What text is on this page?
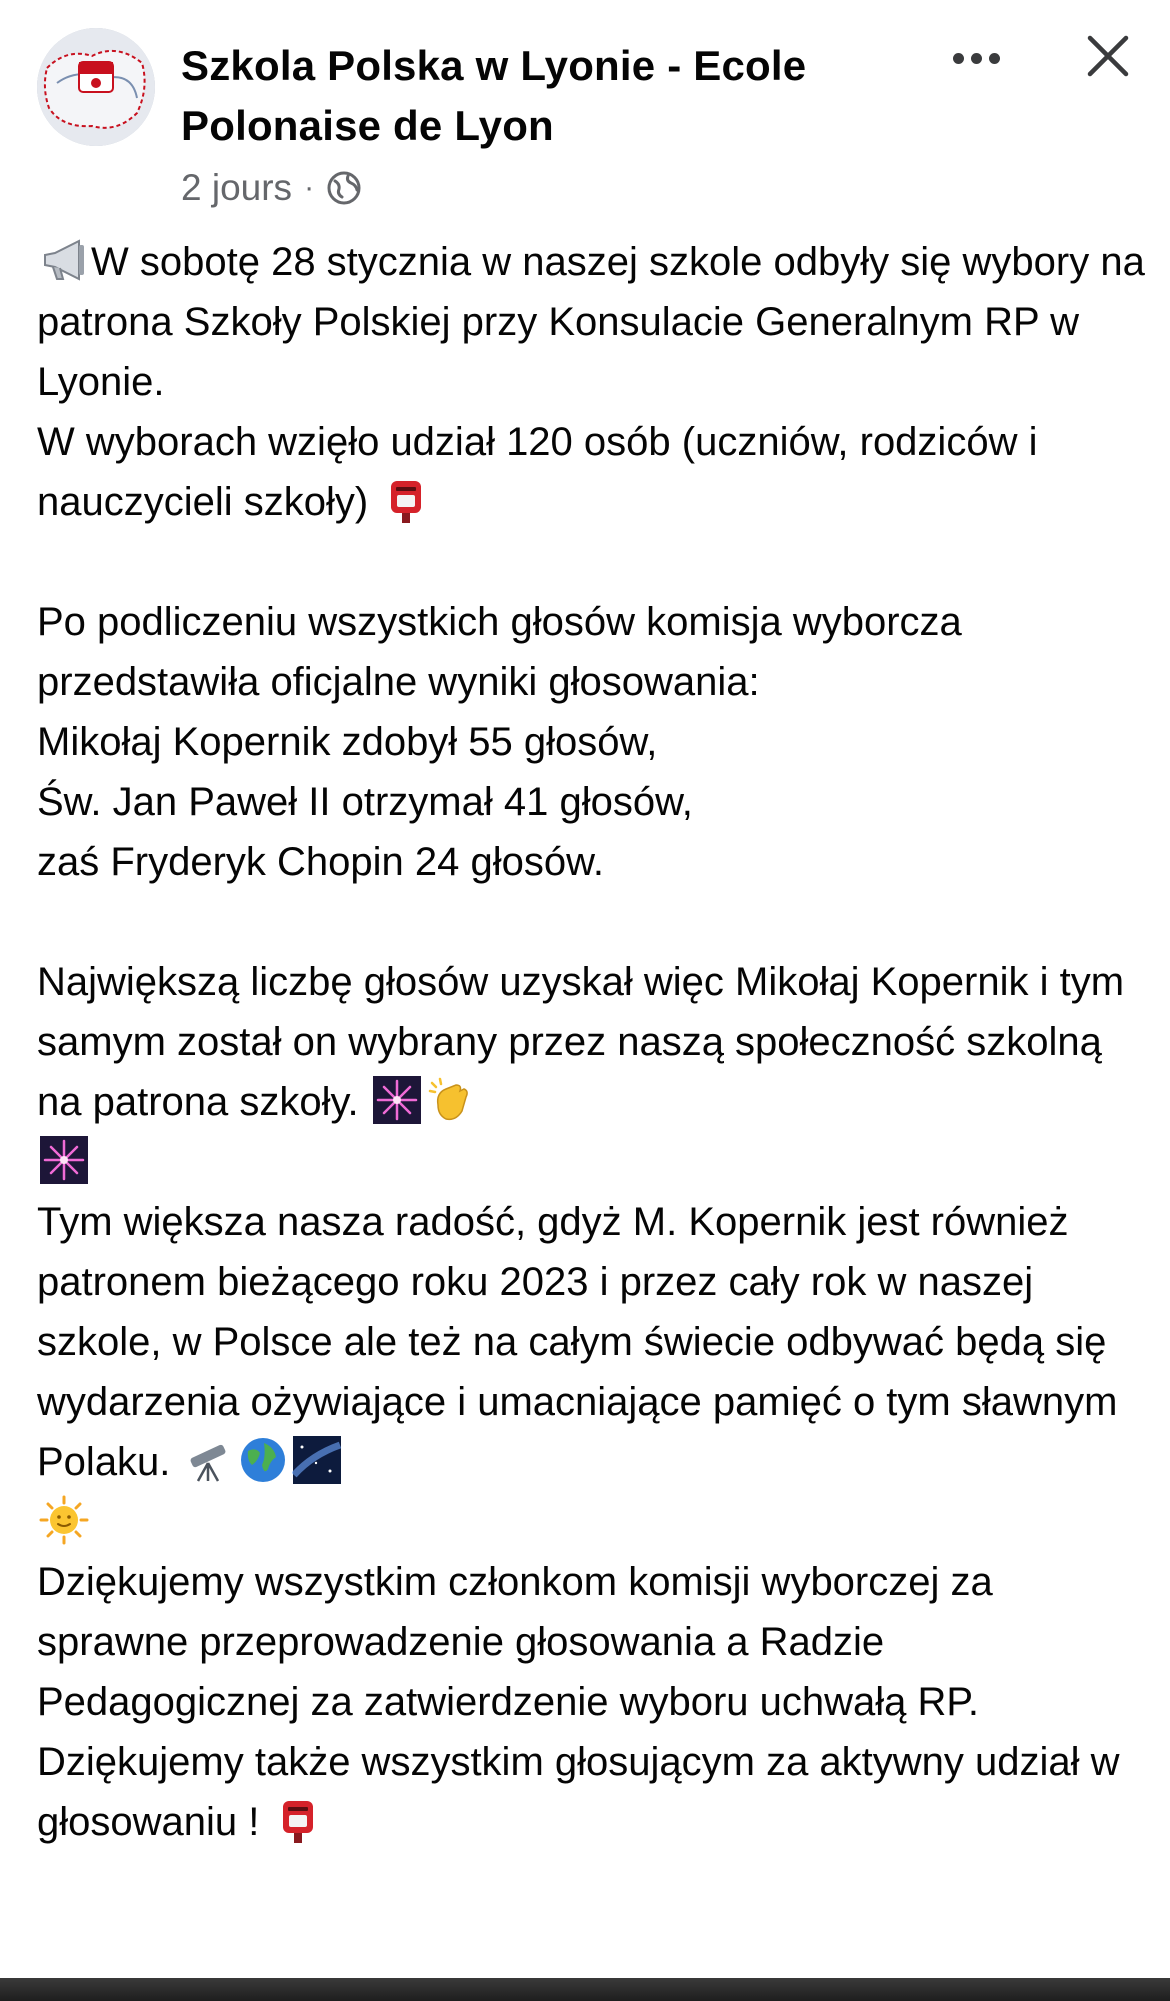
Szkola Polska w Lyonie - Ecole Polonaise de Lyon
2 jours ·

W sobotę 28 stycznia w naszej szkole odbyły się wybory na patrona Szkoły Polskiej przy Konsulacie Generalnym RP w Lyonie.

W wyborach wzięło udział 120 osób (uczniów, rodziców i nauczycieli szkoły)

Po podliczeniu wszystkich głosów komisja wyborcza przedstawiła oficjalne wyniki głosowania:

Mikołaj Kopernik zdobył 55 głosów,

Św. Jan Paweł II otrzymał 41 głosów,

zaś Fryderyk Chopin 24 głosów.

Największą liczbę głosów uzyskał więc Mikołaj Kopernik i tym samym został on wybrany przez naszą społeczność szkolną na patrona szkoły.

Tym większa nasza radość, gdyż M. Kopernik jest również patronem bieżącego roku 2023 i przez cały rok w naszej szkole, w Polsce ale też na całym świecie odbywać będą się wydarzenia ożywiające i umacniające pamięć o tym sławnym Polaku.

Dziękujemy wszystkim członkom komisji wyborczej za sprawne przeprowadzenie głosowania a Radzie Pedagogicznej za zatwierdzenie wyboru uchwałą RP.

Dziękujemy także wszystkim głosującym za aktywny udział w głosowaniu !
